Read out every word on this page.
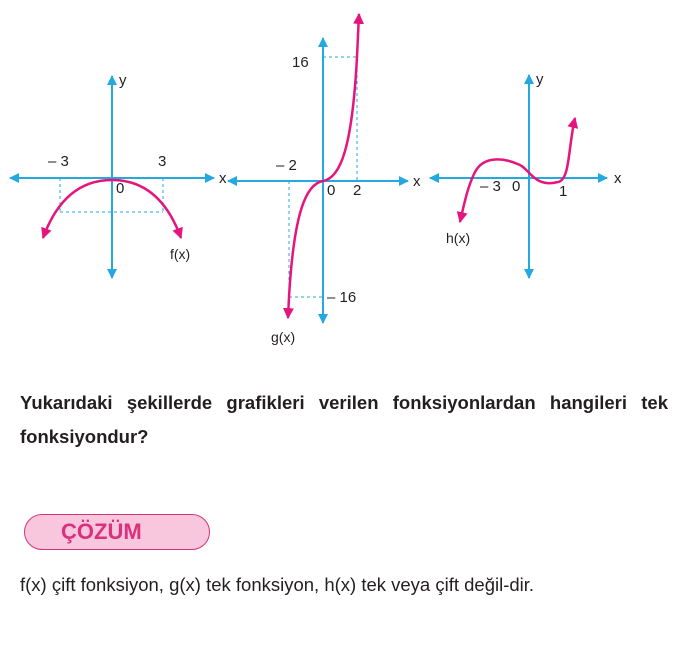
y
x
– 3	3
0
f(x)
16
– 16
– 2
0 2
x
g(x)
y
– 3 0	1
x
h(x)

Yukarıdaki şekillerde grafikleri verilen fonksiyonlardan hangileri tek fonksiyondur?

ÇÖZÜM

f(x) çift fonksiyon, g(x) tek fonksiyon, h(x) tek veya çift değil-dir.
